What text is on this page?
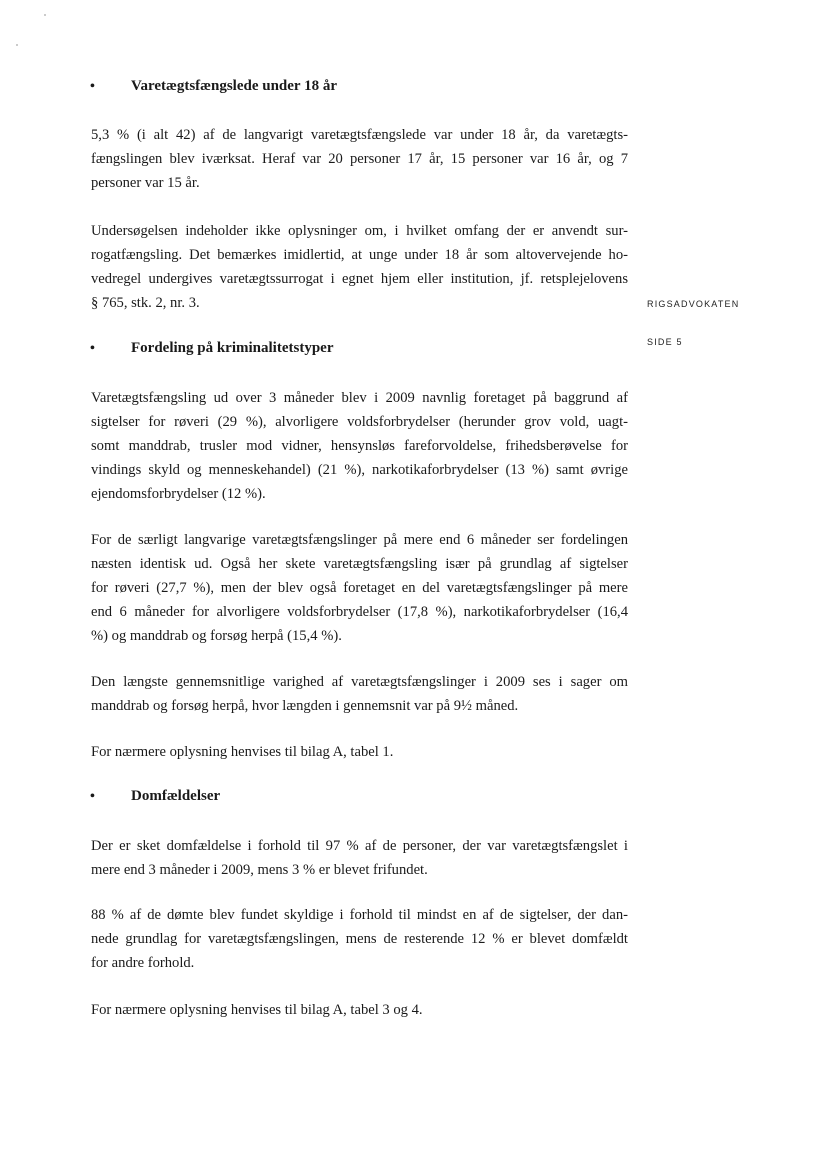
•	Varetægtsfængslede under 18 år
5,3 % (i alt 42) af de langvarigt varetægtsfængslede var under 18 år, da varetægts-
fængslingen blev iværksat. Heraf var 20 personer 17 år, 15 personer var 16 år, og 7
personer var 15 år.
Undersøgelsen indeholder ikke oplysninger om, i hvilket omfang der er anvendt sur-
rogatfængsling. Det bemærkes imidlertid, at unge under 18 år som altovervejende ho-
vedregel undergives varetægtssurrogat i egnet hjem eller institution, jf. retsplejelovens
§ 765, stk. 2, nr. 3.	RIGSADVOKATEN
SIDE 5
•	Fordeling på kriminalitetstyper
Varetægtsfængsling ud over 3 måneder blev i 2009 navnlig foretaget på baggrund af
sigtelser for røveri (29 %), alvorligere voldsforbrydelser (herunder grov vold, uagt-
somt manddrab, trusler mod vidner, hensynsløs fareforvoldelse, frihedsberøvelse for
vindings skyld og menneskehandel) (21 %), narkotikaforbrydelser (13 %) samt øvrige
ejendomsforbrydelser (12 %).
For de særligt langvarige varetægtsfængslinger på mere end 6 måneder ser fordelingen
næsten identisk ud. Også her skete varetægtsfængsling især på grundlag af sigtelser
for røveri (27,7 %), men der blev også foretaget en del varetægtsfængslinger på mere
end 6 måneder for alvorligere voldsforbrydelser (17,8 %), narkotikaforbrydelser (16,4
%) og manddrab og forsøg herpå (15,4 %).
Den længste gennemsnitlige varighed af varetægtsfængslinger i 2009 ses i sager om
manddrab og forsøg herpå, hvor længden i gennemsnit var på 9½ måned.
For nærmere oplysning henvises til bilag A, tabel 1.
•	Domfældelser
Der er sket domfældelse i forhold til 97 % af de personer, der var varetægtsfængslet i
mere end 3 måneder i 2009, mens 3 % er blevet frifundet.
88 % af de dømte blev fundet skyldige i forhold til mindst en af de sigtelser, der dan-
nede grundlag for varetægtsfængslingen, mens de resterende 12 % er blevet domfældt
for andre forhold.
For nærmere oplysning henvises til bilag A, tabel 3 og 4.
